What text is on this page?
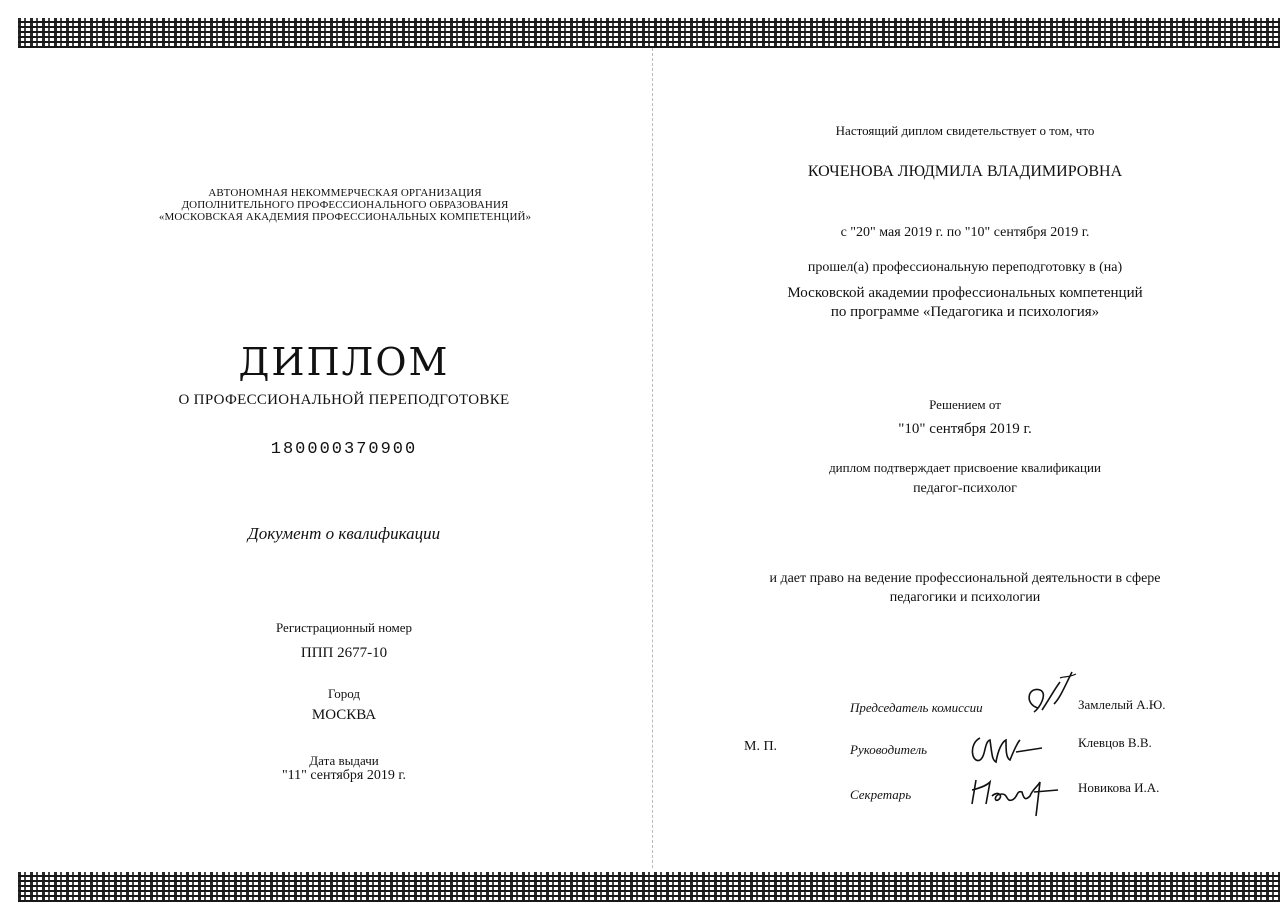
АВТОНОМНАЯ НЕКОММЕРЧЕСКАЯ ОРГАНИЗАЦИЯ
ДОПОЛНИТЕЛЬНОГО ПРОФЕССИОНАЛЬНОГО ОБРАЗОВАНИЯ
«МОСКОВСКАЯ АКАДЕМИЯ ПРОФЕССИОНАЛЬНЫХ КОМПЕТЕНЦИЙ»
ДИПЛОМ
О ПРОФЕССИОНАЛЬНОЙ ПЕРЕПОДГОТОВКЕ
180000370900
Документ о квалификации
Регистрационный номер
ППП 2677-10
Город
МОСКВА
Дата выдачи
"11" сентября 2019 г.
Настоящий диплом свидетельствует о том, что
КОЧЕНОВА ЛЮДМИЛА ВЛАДИМИРОВНА
с "20" мая 2019 г. по "10" сентября 2019 г.
прошел(а) профессиональную переподготовку в (на)
Московской академии профессиональных компетенций
по программе «Педагогика и психология»
Решением от
"10" сентября 2019 г.
диплом подтверждает присвоение квалификации
педагог-психолог
и дает право на ведение профессиональной деятельности в сфере
педагогики и психологии
М. П.
Председатель комиссии	Замлелый А.Ю.
Руководитель	Клевцов В.В.
Секретарь	Новикова И.А.
